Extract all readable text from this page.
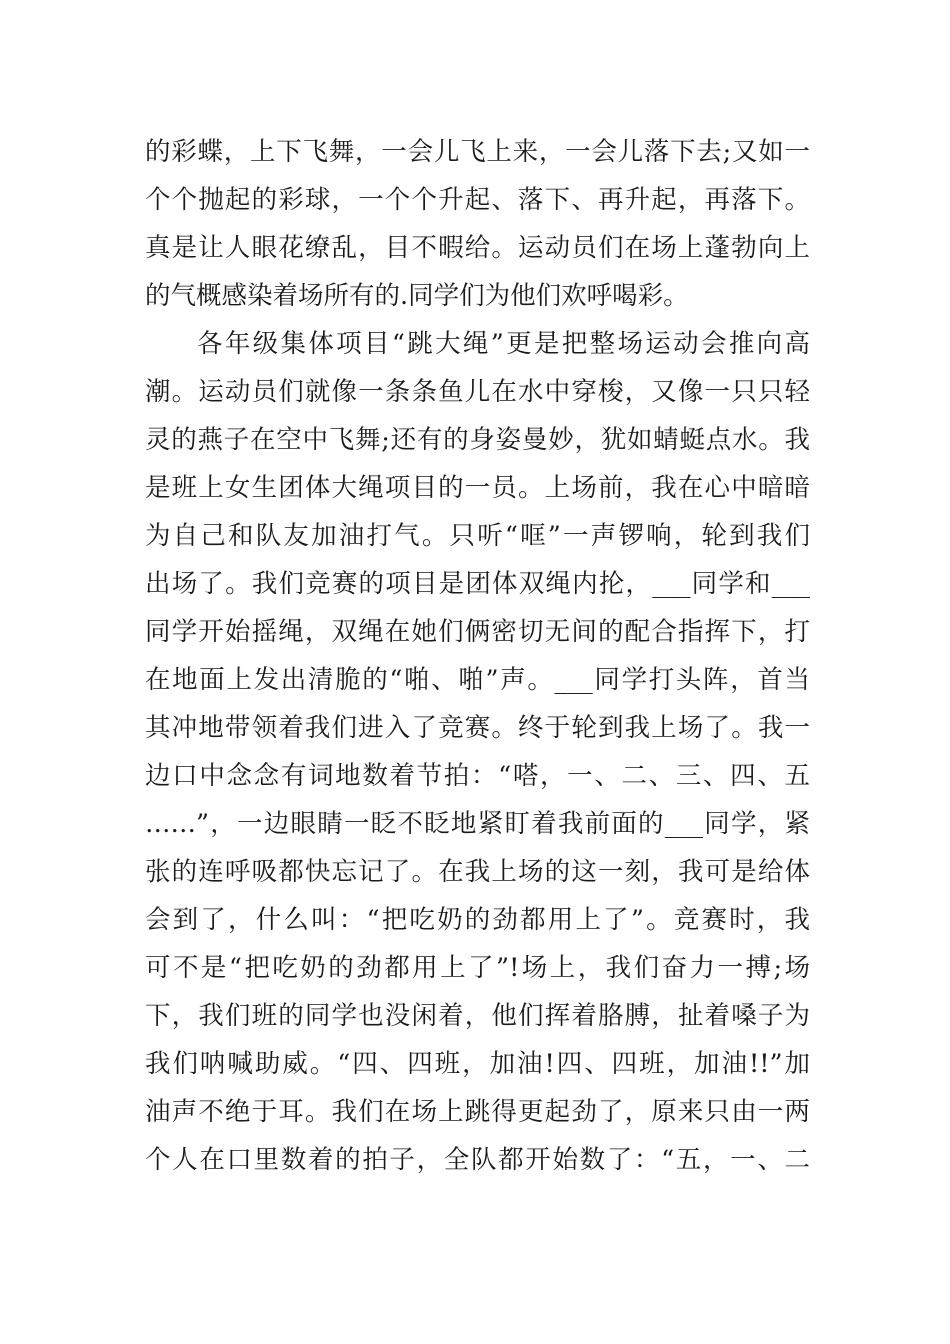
的彩蝶，上下飞舞，一会儿飞上来，一会儿落下去;又如一
个个抛起的彩球，一个个升起、落下、再升起，再落下。
真是让人眼花缭乱，目不暇给。运动员们在场上蓬勃向上
的气概感染着场所有的.同学们为他们欢呼喝彩。
各年级集体项目“跳大绳”更是把整场运动会推向高
潮。运动员们就像一条条鱼儿在水中穿梭，又像一只只轻
灵的燕子在空中飞舞;还有的身姿曼妙，犹如蜻蜓点水。我
是班上女生团体大绳项目的一员。上场前，我在心中暗暗
为自己和队友加油打气。只听“哐”一声锣响，轮到我们
出场了。我们竞赛的项目是团体双绳内抡，___同学和___
同学开始摇绳，双绳在她们俩密切无间的配合指挥下，打
在地面上发出清脆的“啪、啪”声。___同学打头阵，首当
其冲地带领着我们进入了竞赛。终于轮到我上场了。我一
边口中念念有词地数着节拍：“嗒，一、二、三、四、五
……”，一边眼睛一眨不眨地紧盯着我前面的___同学，紧
张的连呼吸都快忘记了。在我上场的这一刻，我可是给体
会到了，什么叫：“把吃奶的劲都用上了”。竞赛时，我
可不是“把吃奶的劲都用上了”!场上，我们奋力一搏;场
下，我们班的同学也没闲着，他们挥着胳膊，扯着嗓子为
我们呐喊助威。“四、四班，加油!四、四班，加油!!”加
油声不绝于耳。我们在场上跳得更起劲了，原来只由一两
个人在口里数着的拍子，全队都开始数了：“五，一、二
